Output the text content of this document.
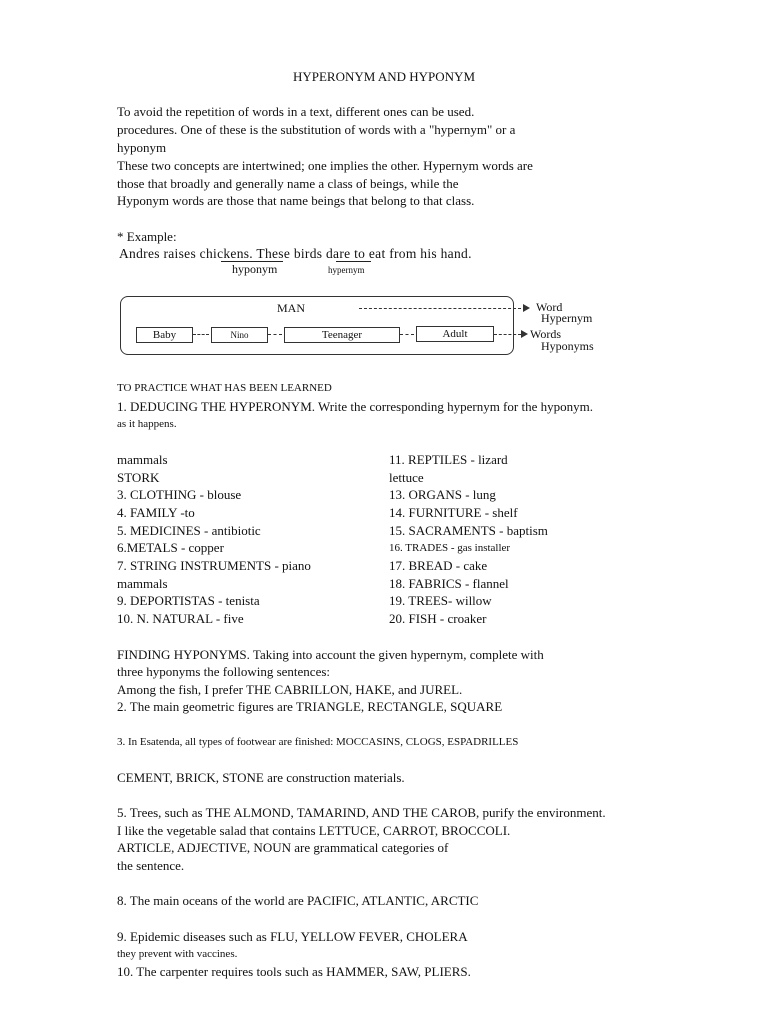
HYPERONYM AND HYPONYM
To avoid the repetition of words in a text, different ones can be used.
procedures. One of these is the substitution of words with a "hypernym" or a
hyponym
These two concepts are intertwined; one implies the other. Hypernym words are
those that broadly and generally name a class of beings, while the
Hyponym words are those that name beings that belong to that class.
* Example:
Andres raises chickens. These birds dare to eat from his hand.
hyponym	hypernym
MAN	Word
Hypernym
Baby	Nino	Teenager	Adult	Words
Hyponyms
TO PRACTICE WHAT HAS BEEN LEARNED
1. DEDUCING THE HYPERONYM. Write the corresponding hypernym for the hyponym.
as it happens.
mammals
STORK
3. CLOTHING - blouse
4. FAMILY -to
5. MEDICINES - antibiotic
6.METALS - copper
7. STRING INSTRUMENTS - piano
mammals
9. DEPORTISTAS - tenista
10. N. NATURAL - five
11. REPTILES - lizard
lettuce
13. ORGANS - lung
14. FURNITURE - shelf
15. SACRAMENTS - baptism
16. TRADES - gas installer
17. BREAD - cake
18. FABRICS - flannel
19. TREES- willow
20. FISH - croaker
FINDING HYPONYMS. Taking into account the given hypernym, complete with
three hyponyms the following sentences:
Among the fish, I prefer THE CABRILLON, HAKE, and JUREL.
2. The main geometric figures are TRIANGLE, RECTANGLE, SQUARE
3. In Esatenda, all types of footwear are finished: MOCCASINS, CLOGS, ESPADRILLES
CEMENT, BRICK, STONE are construction materials.
5. Trees, such as THE ALMOND, TAMARIND, AND THE CAROB, purify the environment.
I like the vegetable salad that contains LETTUCE, CARROT, BROCCOLI.
ARTICLE, ADJECTIVE, NOUN are grammatical categories of
the sentence.
8. The main oceans of the world are PACIFIC, ATLANTIC, ARCTIC
9. Epidemic diseases such as FLU, YELLOW FEVER, CHOLERA
they prevent with vaccines.
10. The carpenter requires tools such as HAMMER, SAW, PLIERS.
